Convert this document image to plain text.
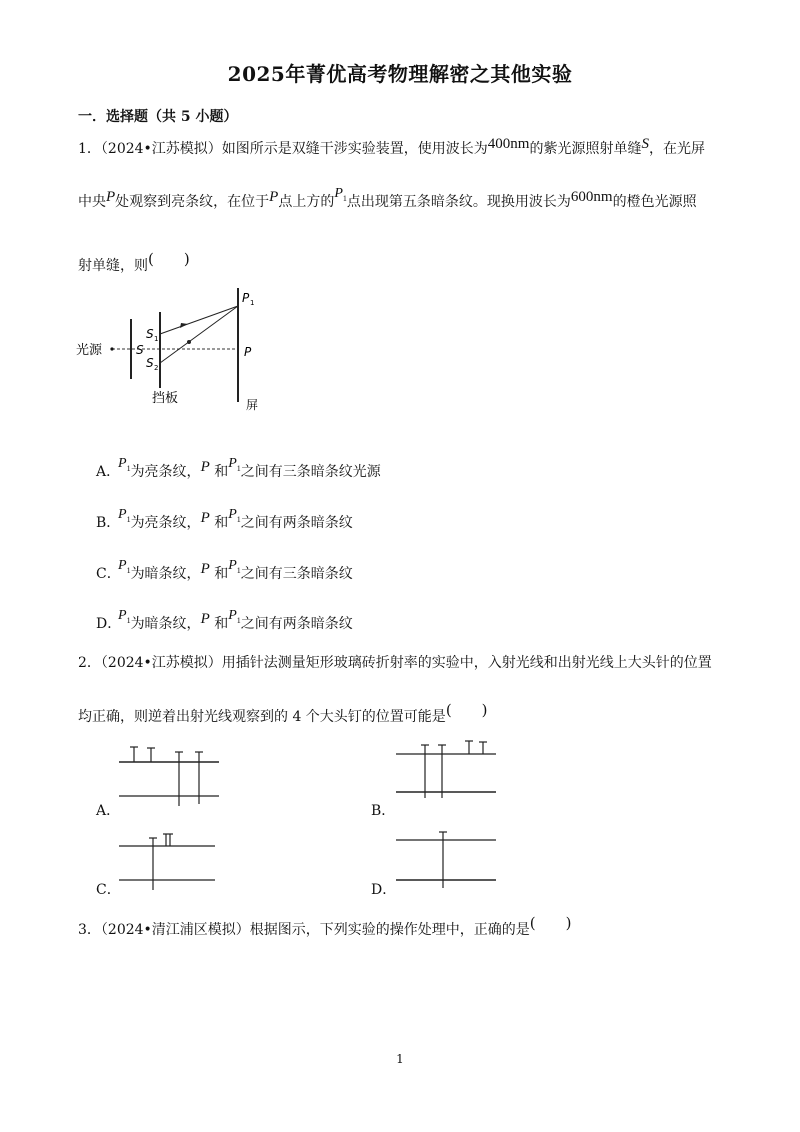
2025年菁优高考物理解密之其他实验
一．选择题（共 5 小题）
1．（2024•江苏模拟）如图所示是双缝干涉实验装置，使用波长为400nm的紫光源照射单缝S，在光屏
中央P处观察到亮条纹，在位于P点上方的$P_1$点出现第五条暗条纹。现换用波长为600nm的橙色光源照
射单缝，则(　　)
光源	S
S 1
S 2
挡板
P 1
P
屏
A．$P_1$为亮条纹，P 和$P_1$之间有三条暗条纹光源
B．$P_1$为亮条纹，P 和$P_1$之间有两条暗条纹
C．$P_1$为暗条纹，P 和$P_1$之间有三条暗条纹
D．$P_1$为暗条纹，P 和$P_1$之间有两条暗条纹
2．（2024•江苏模拟）用插针法测量矩形玻璃砖折射率的实验中，入射光线和出射光线上大头针的位置
均正确，则逆着出射光线观察到的 4 个大头钉的位置可能是(　　)
A．	B．
C．	D．
3．（2024•清江浦区模拟）根据图示，下列实验的操作处理中，正确的是(　　)
1
